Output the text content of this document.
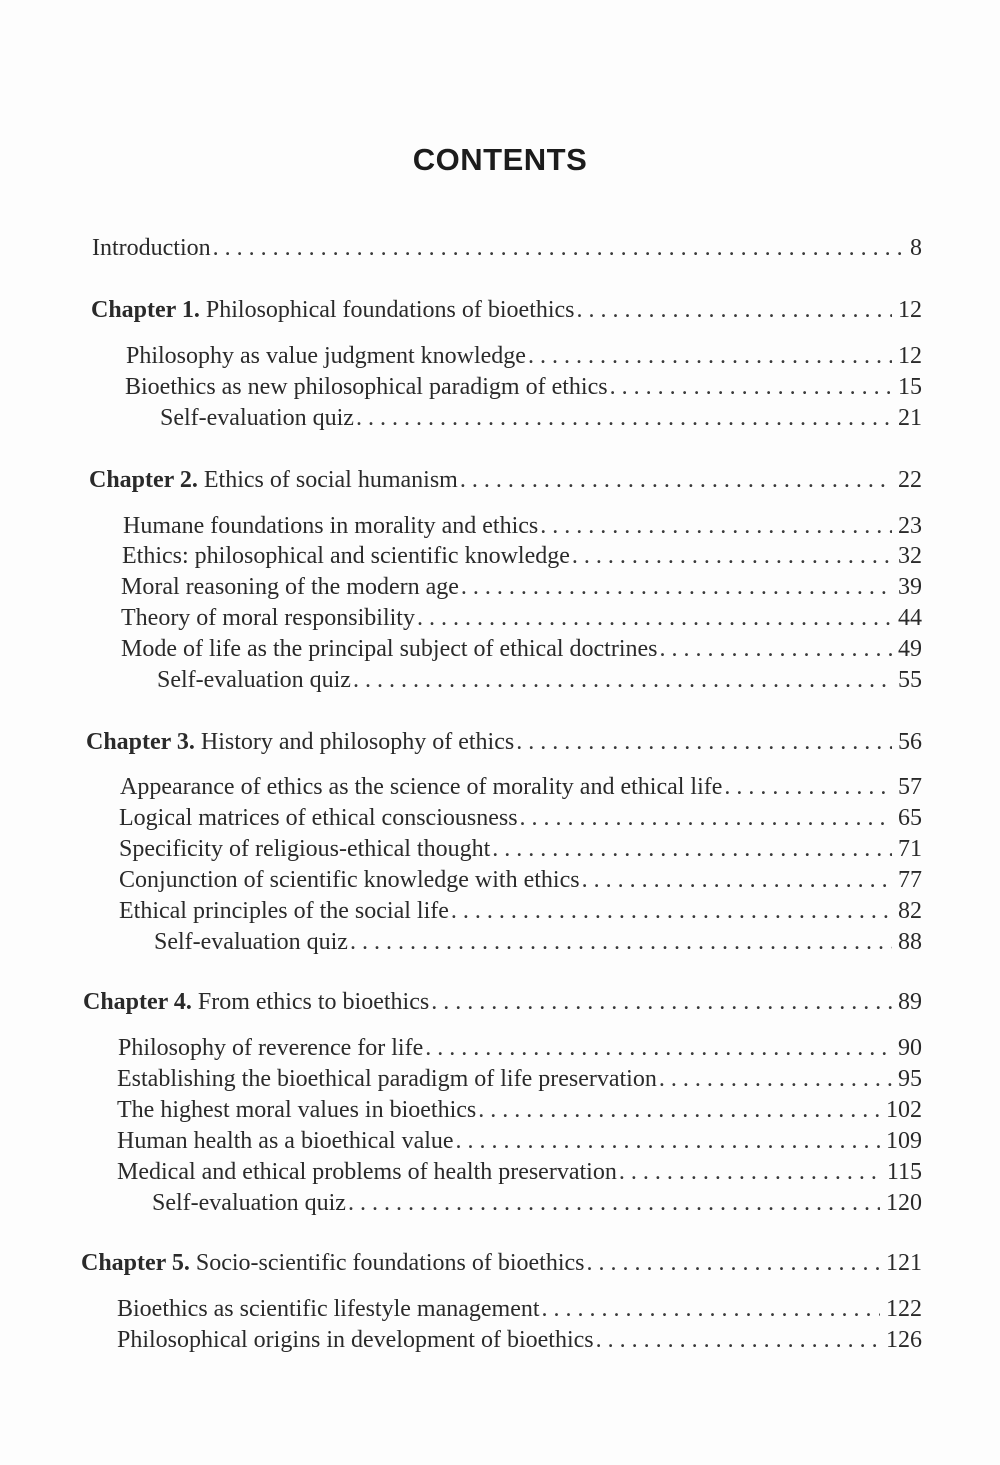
CONTENTS
Introduction . . .	8
Chapter 1. Philosophical foundations of bioethics . . .	12
Philosophy as value judgment knowledge . . .	12
Bioethics as new philosophical paradigm of ethics . . .	15
Self-evaluation quiz . . .	21
Chapter 2. Ethics of social humanism . . .	22
Humane foundations in morality and ethics . . .	23
Ethics: philosophical and scientific knowledge . . .	32
Moral reasoning of the modern age . . .	39
Theory of moral responsibility . . .	44
Mode of life as the principal subject of ethical doctrines . . .	49
Self-evaluation quiz . . .	55
Chapter 3. History and philosophy of ethics . . .	56
Appearance of ethics as the science of morality and ethical life . . .	57
Logical matrices of ethical consciousness . . .	65
Specificity of religious-ethical thought . . .	71
Conjunction of scientific knowledge with ethics . . .	77
Ethical principles of the social life . . .	82
Self-evaluation quiz . . .	88
Chapter 4. From ethics to bioethics . . .	89
Philosophy of reverence for life . . .	90
Establishing the bioethical paradigm of life preservation . . .	95
The highest moral values in bioethics . . .	102
Human health as a bioethical value . . .	109
Medical and ethical problems of health preservation . . .	115
Self-evaluation quiz . . .	120
Chapter 5. Socio-scientific foundations of bioethics . . .	121
Bioethics as scientific lifestyle management . . .	122
Philosophical origins in development of bioethics . . .	126
